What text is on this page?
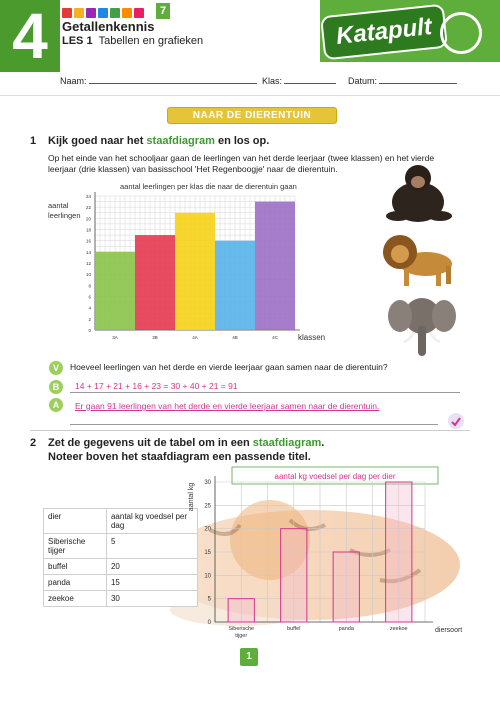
4	7
Getallenkennis
LES 1 Tabellen en grafieken	Katapult
Naam:	Klas:	Datum:
NAAR DE DIERENTUIN
1 Kijk goed naar het staafdiagram en los op.
Op het einde van het schooljaar gaan de leerlingen van het derde leerjaar (twee klassen) en het vierde leerjaar (drie klassen) van basisschool 'Het Regenboogje' naar de dierentuin.
aantal leerlingen per klas die naar de dierentuin gaan
aantal
leerlingen
0
2
4
6
8
10
12
14
16
18
20
22
24
3A	3B	4A	4B	4C	klassen
V	Hoeveel leerlingen van het derde en vierde leerjaar gaan samen naar de dierentuin?
B	14 + 17 + 21 + 16 + 23 = 30 + 40 + 21 = 91
A	Er gaan 91 leerlingen van het derde en vierde leerjaar samen naar de dierentuin.
2 Zet de gegevens uit de tabel om in een staafdiagram.
Noteer boven het staafdiagram een passende titel.
dier	aantal kg voedsel per dag
Siberische tijger	5
buffel	20
panda	15
zeekoe	30
aantal kg voedsel per dag per dier
aantal kg
0
5
10
15
20
25
30
Siberische
tijger
buffel	panda	zeekoe	diersoort
1
